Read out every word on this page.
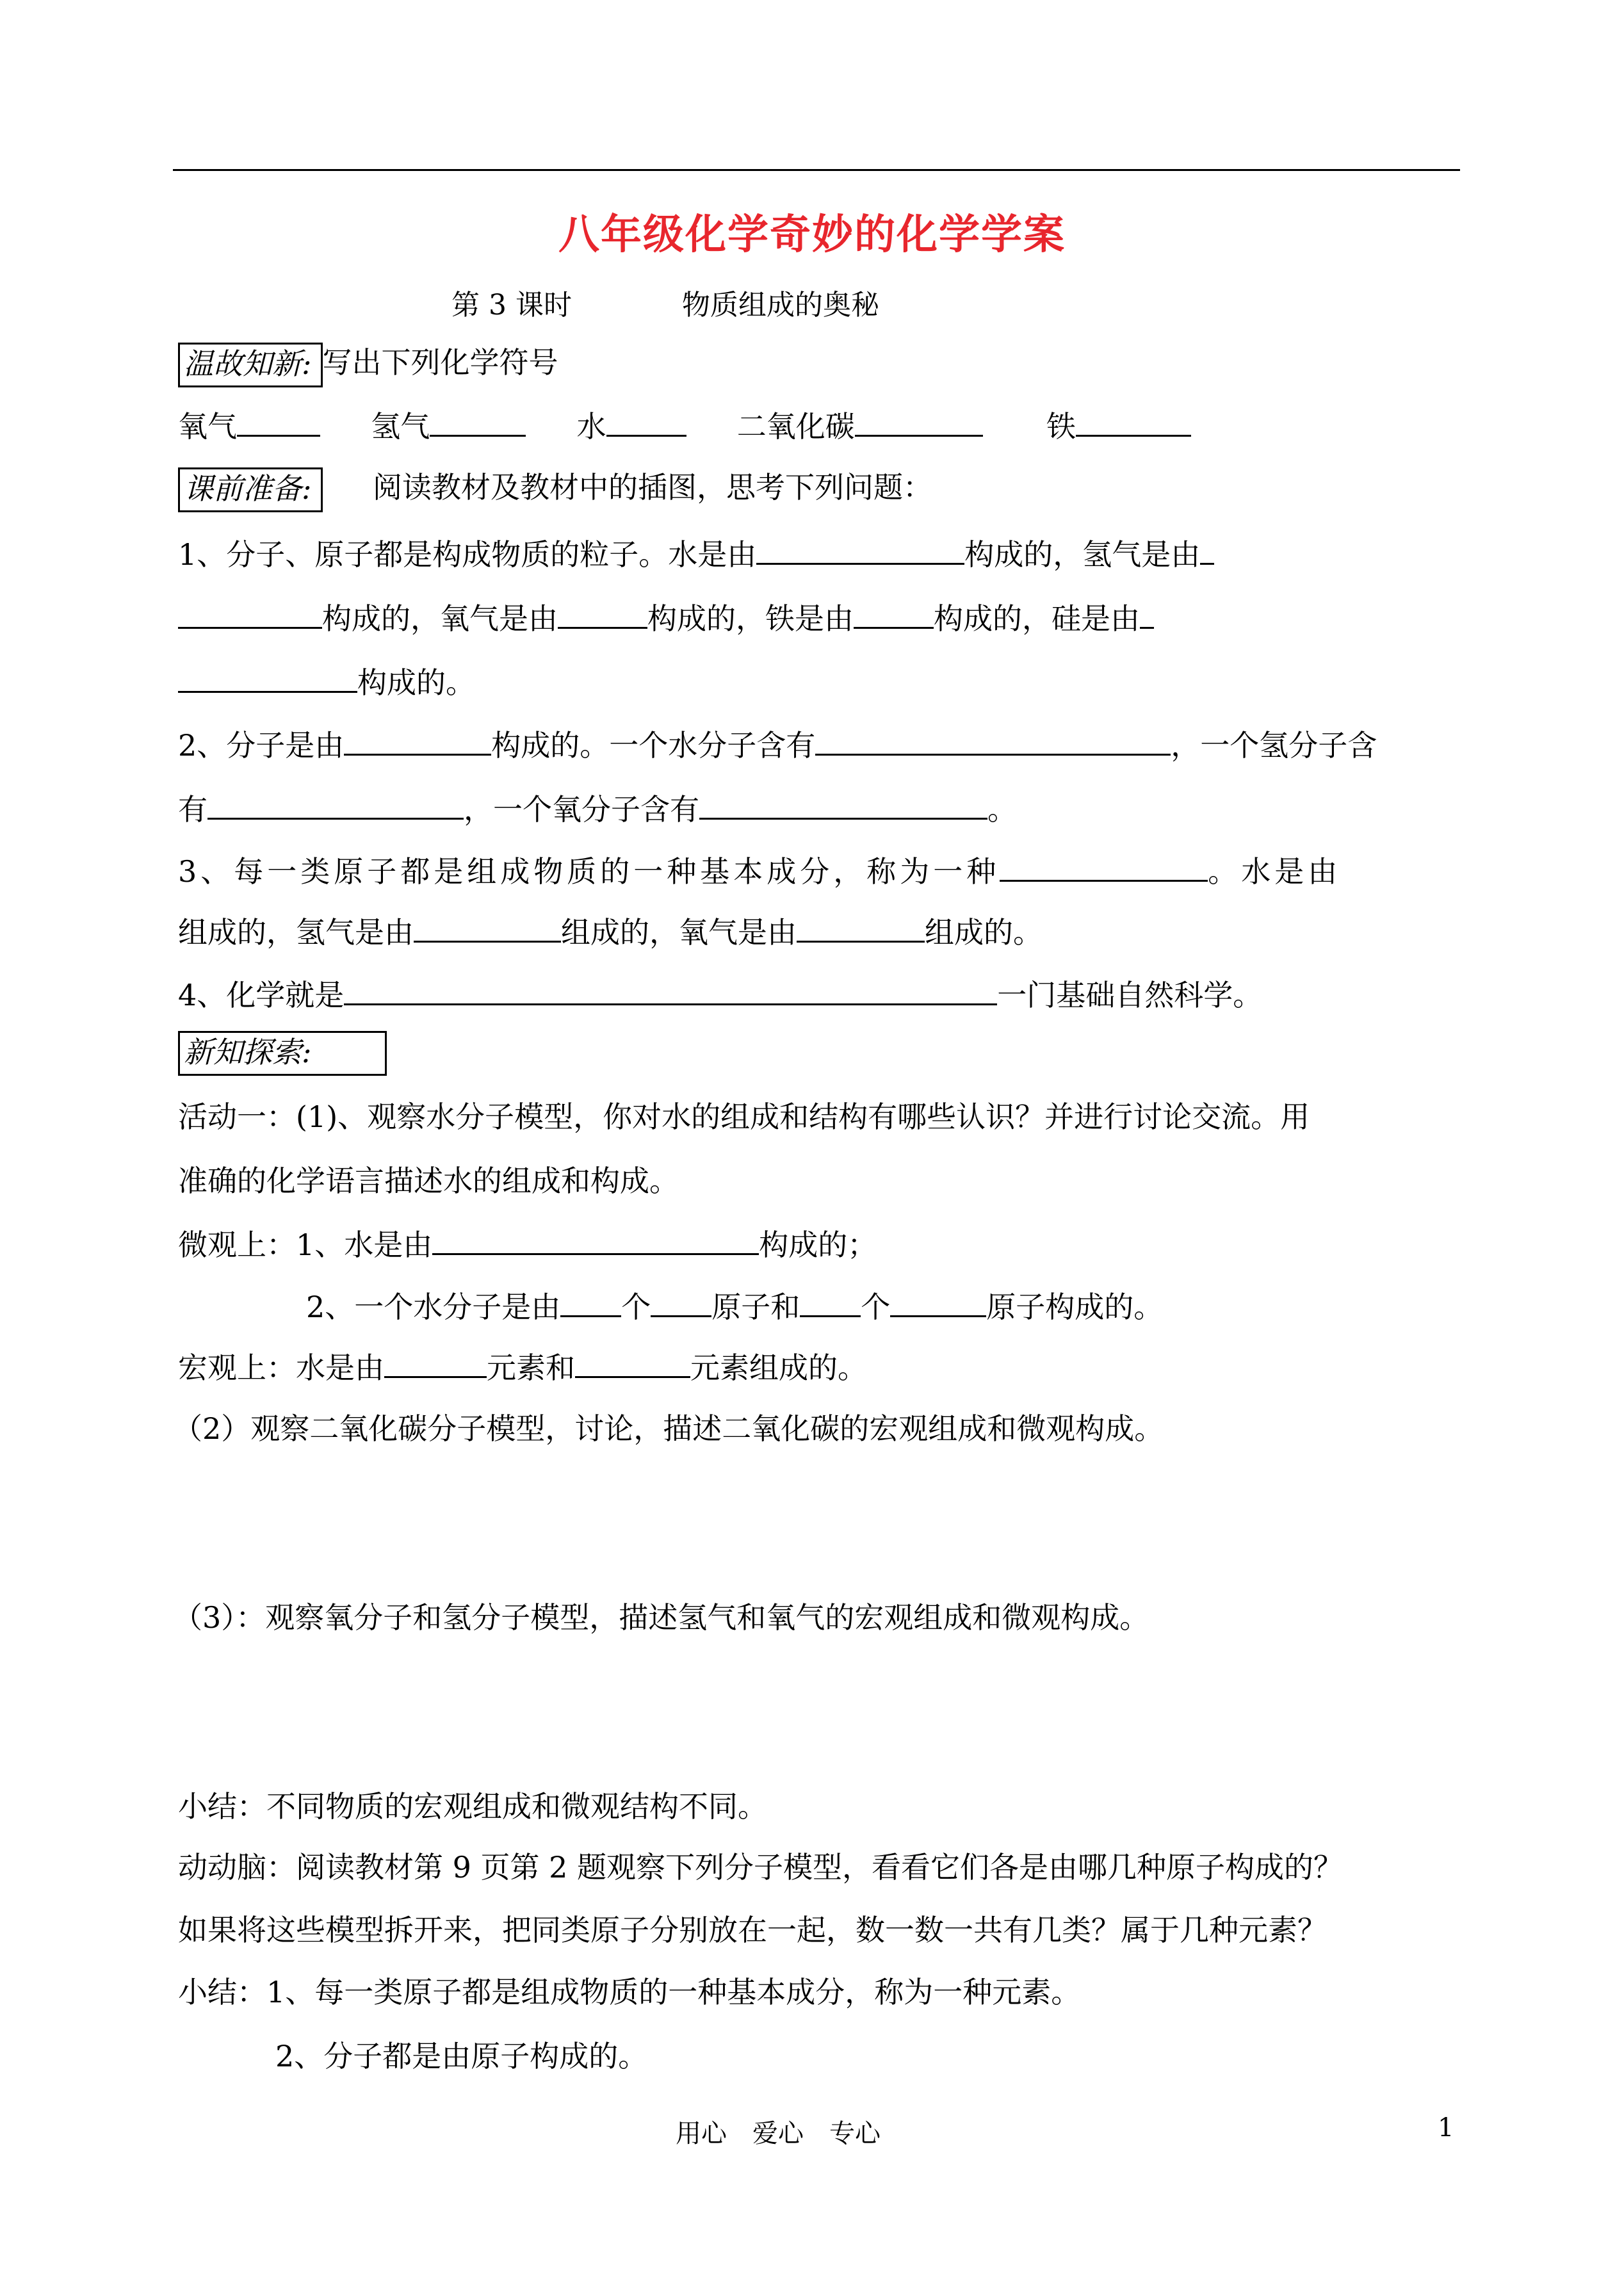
八年级化学奇妙的化学学案
第 3 课时	物质组成的奥秘
温故知新: 写出下列化学符号
氧气	氢气	水	二氧化碳	铁
课前准备: 阅读教材及教材中的插图，思考下列问题：
1、分子、原子都是构成物质的粒子。水是由	构成的，氢气是由
构成的，氧气是由	构成的，铁是由	构成的，硅是由
构成的。
2、分子是由	构成的。一个水分子含有	，一个氢分子含
有	，一个氧分子含有	。
3、每一类原子都是组成物质的一种基本成分，称为一种	。水是由
组成的，氢气是由	组成的，氧气是由	组成的。
4、化学就是	一门基础自然科学。
新知探索:
活动一：(1)、观察水分子模型，你对水的组成和结构有哪些认识？并进行讨论交流。用
准确的化学语言描述水的组成和构成。
微观上：1、水是由	构成的；
2、一个水分子是由 个 原子和 个	原子构成的。
宏观上：水是由	元素和	元素组成的。
（2）观察二氧化碳分子模型，讨论，描述二氧化碳的宏观组成和微观构成。
（3）：观察氧分子和氢分子模型，描述氢气和氧气的宏观组成和微观构成。
小结：不同物质的宏观组成和微观结构不同。
动动脑：阅读教材第 9 页第 2 题观察下列分子模型，看看它们各是由哪几种原子构成的？
如果将这些模型拆开来，把同类原子分别放在一起，数一数一共有几类？属于几种元素？
小结：1、每一类原子都是组成物质的一种基本成分，称为一种元素。
2、分子都是由原子构成的。
用心　爱心　专心	1
